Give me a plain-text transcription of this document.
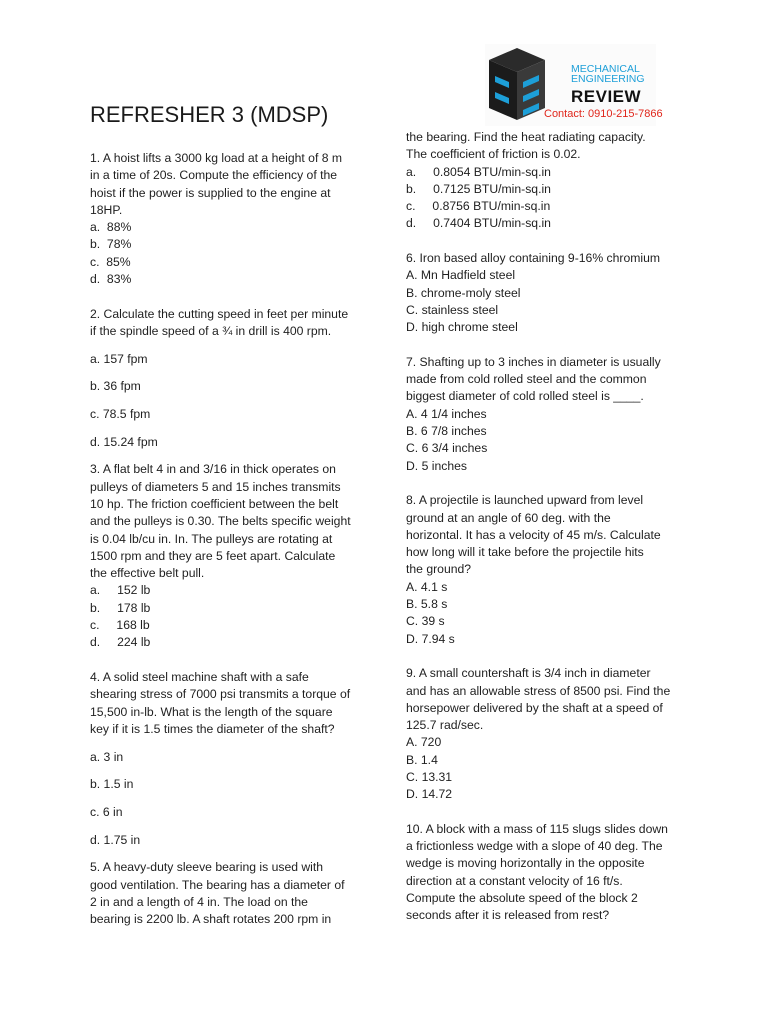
MECHANICAL
ENGINEERING
REVIEW
Contact: 0910-215-7866
REFRESHER 3 (MDSP)

1. A hoist lifts a 3000 kg load at a height of 8 m

in a time of 20s. Compute the efficiency of the

hoist if the power is supplied to the engine at

18HP.

a.  88%

b.  78%

c.  85%

d.  83%

2. Calculate the cutting speed in feet per minute

if the spindle speed of a ¾ in drill is 400 rpm.

a. 157 fpm

b. 36 fpm

c. 78.5 fpm

d. 15.24 fpm

3. A flat belt 4 in and 3/16 in thick operates on

pulleys of diameters 5 and 15 inches transmits

10 hp. The friction coefficient between the belt

and the pulleys is 0.30. The belts specific weight

is 0.04 lb/cu in. In. The pulleys are rotating at

1500 rpm and they are 5 feet apart. Calculate

the effective belt pull.

a.     152 lb

b.     178 lb

c.     168 lb

d.     224 lb

4. A solid steel machine shaft with a safe

shearing stress of 7000 psi transmits a torque of

15,500 in-lb. What is the length of the square

key if it is 1.5 times the diameter of the shaft?

a. 3 in

b. 1.5 in

c. 6 in

d. 1.75 in

5. A heavy-duty sleeve bearing is used with

good ventilation. The bearing has a diameter of

2 in and a length of 4 in. The load on the

bearing is 2200 lb. A shaft rotates 200 rpm in

the bearing. Find the heat radiating capacity.

The coefficient of friction is 0.02.

a.     0.8054 BTU/min-sq.in

b.     0.7125 BTU/min-sq.in

c.     0.8756 BTU/min-sq.in

d.     0.7404 BTU/min-sq.in

6. Iron based alloy containing 9-16% chromium

A. Mn Hadfield steel

B. chrome-moly steel

C. stainless steel

D. high chrome steel

7. Shafting up to 3 inches in diameter is usually

made from cold rolled steel and the common

biggest diameter of cold rolled steel is ____.

A. 4 1/4 inches

B. 6 7/8 inches

C. 6 3/4 inches

D. 5 inches

8. A projectile is launched upward from level

ground at an angle of 60 deg. with the

horizontal. It has a velocity of 45 m/s. Calculate

how long will it take before the projectile hits

the ground?

A. 4.1 s

B. 5.8 s

C. 39 s

D. 7.94 s

9. A small countershaft is 3/4 inch in diameter

and has an allowable stress of 8500 psi. Find the

horsepower delivered by the shaft at a speed of

125.7 rad/sec.

A. 720

B. 1.4

C. 13.31

D. 14.72

10. A block with a mass of 115 slugs slides down

a frictionless wedge with a slope of 40 deg. The

wedge is moving horizontally in the opposite

direction at a constant velocity of 16 ft/s.

Compute the absolute speed of the block 2

seconds after it is released from rest?
